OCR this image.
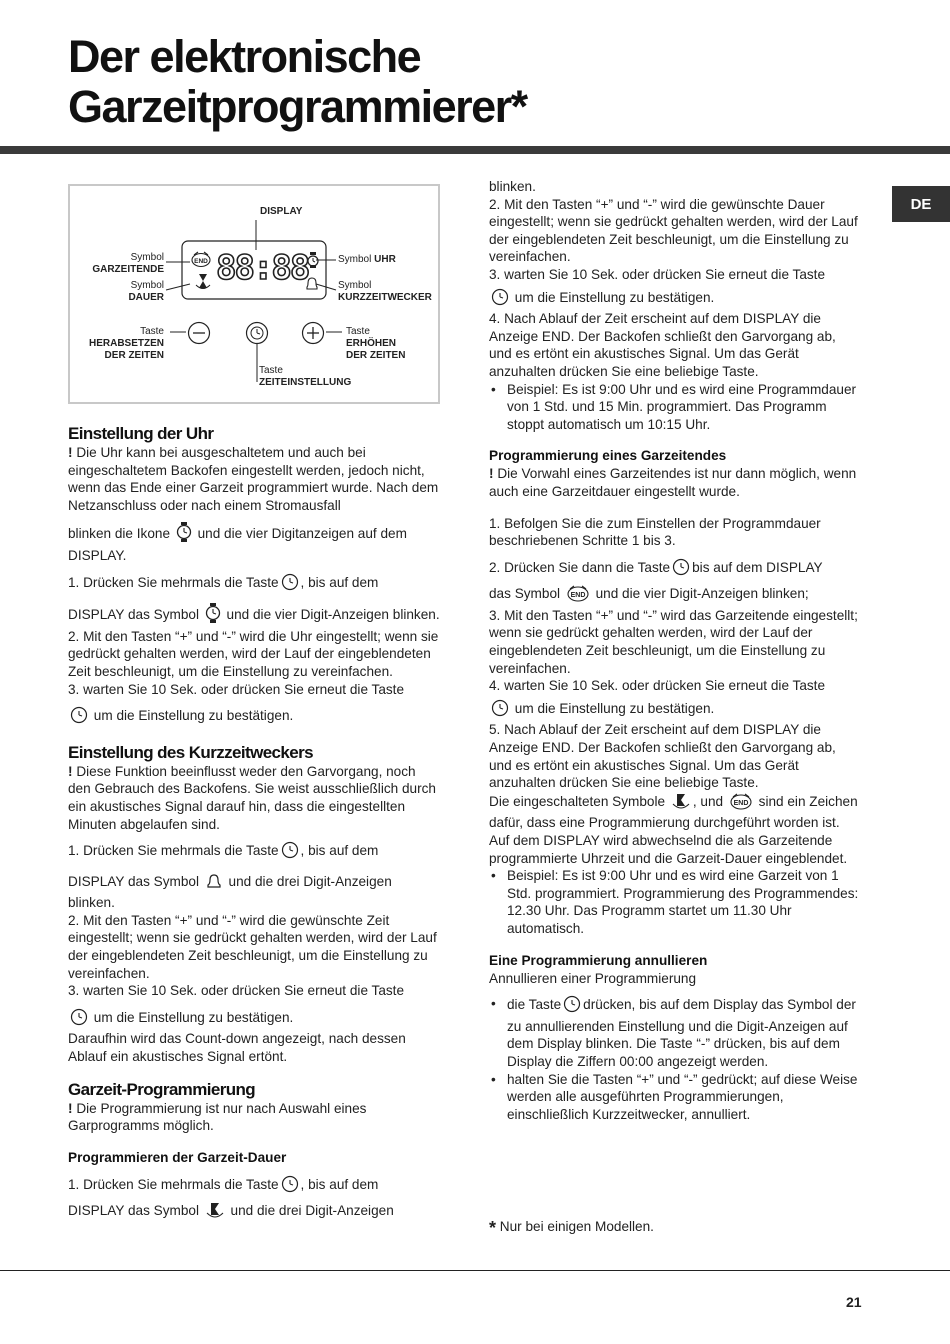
Der elektronische
Garzeitprogrammierer*
DE
DISPLAY
END 88:88
Symbol
GARZEITENDE
Symbol
DAUER
Symbol UHR
Symbol
KURZZEITWECKER
Taste
HERABSETZEN
DER ZEITEN
Taste
ERHÖHEN
DER ZEITEN
Taste
ZEITEINSTELLUNG

Einstellung der Uhr

! Die Uhr kann bei ausgeschaltetem und auch bei eingeschaltetem Backofen eingestellt werden, jedoch nicht, wenn das Ende einer Garzeit programmiert wurde. Nach dem Netzanschluss oder nach einem Stromausfall

blinken die Ikone und die vier Digitanzeigen auf dem DISPLAY.

1. Drücken Sie mehrmals die Taste , bis auf dem

DISPLAY das Symbol und die vier Digit-Anzeigen blinken.

2. Mit den Tasten “+” und “-” wird die Uhr eingestellt; wenn sie gedrückt gehalten werden, wird der Lauf der eingeblendeten Zeit beschleunigt, um die Einstellung zu vereinfachen.

3. warten Sie 10 Sek. oder drücken Sie erneut die Taste

um die Einstellung zu bestätigen.

Einstellung des Kurzzeitweckers

! Diese Funktion beeinflusst weder den Garvorgang, noch den Gebrauch des Backofens. Sie weist ausschließlich durch ein akustisches Signal darauf hin, dass die eingestellten Minuten abgelaufen sind.

1. Drücken Sie mehrmals die Taste , bis auf dem

DISPLAY das Symbol und die drei Digit-Anzeigen blinken.

2. Mit den Tasten “+” und “-” wird die gewünschte Zeit eingestellt; wenn sie gedrückt gehalten werden, wird der Lauf der eingeblendeten Zeit beschleunigt, um die Einstellung zu vereinfachen.

3. warten Sie 10 Sek. oder drücken Sie erneut die Taste

um die Einstellung zu bestätigen.

Daraufhin wird das Count-down angezeigt, nach dessen Ablauf ein akustisches Signal ertönt.

Garzeit-Programmierung

! Die Programmierung ist nur nach Auswahl eines Garprogramms möglich.

Programmieren der Garzeit-Dauer

1. Drücken Sie mehrmals die Taste , bis auf dem

DISPLAY das Symbol und die drei Digit-Anzeigen

blinken.

2. Mit den Tasten “+” und “-” wird die gewünschte Dauer eingestellt; wenn sie gedrückt gehalten werden, wird der Lauf der eingeblendeten Zeit beschleunigt, um die Einstellung zu vereinfachen.

3. warten Sie 10 Sek. oder drücken Sie erneut die Taste

um die Einstellung zu bestätigen.

4. Nach Ablauf der Zeit erscheint auf dem DISPLAY die Anzeige END. Der Backofen schließt den Garvorgang ab, und es ertönt ein akustisches Signal. Um das Gerät anzuhalten drücken Sie eine beliebige Taste.

• Beispiel: Es ist 9:00 Uhr und es wird eine Programmdauer von 1 Std. und 15 Min. programmiert. Das Programm stoppt automatisch um 10:15 Uhr.

Programmierung eines Garzeitendes

! Die Vorwahl eines Garzeitendes ist nur dann möglich, wenn auch eine Garzeitdauer eingestellt wurde.

1. Befolgen Sie die zum Einstellen der Programmdauer beschriebenen Schritte 1 bis 3.

2. Drücken Sie dann die Taste bis auf dem DISPLAY

das Symbol END und die vier Digit-Anzeigen blinken;

3. Mit den Tasten “+” und “-” wird das Garzeitende eingestellt; wenn sie gedrückt gehalten werden, wird der Lauf der eingeblendeten Zeit beschleunigt, um die Einstellung zu vereinfachen.

4. warten Sie 10 Sek. oder drücken Sie erneut die Taste

um die Einstellung zu bestätigen.

5. Nach Ablauf der Zeit erscheint auf dem DISPLAY die Anzeige END. Der Backofen schließt den Garvorgang ab, und es ertönt ein akustisches Signal. Um das Gerät anzuhalten drücken Sie eine beliebige Taste.

Die eingeschalteten Symbole , und END sind ein Zeichen dafür, dass eine Programmierung durchgeführt worden ist. Auf dem DISPLAY wird abwechselnd die als Garzeitende programmierte Uhrzeit und die Garzeit-Dauer eingeblendet.

• Beispiel: Es ist 9:00 Uhr und es wird eine Garzeit von 1 Std. programmiert. Programmierung des Programmendes: 12.30 Uhr. Das Programm startet um 11.30 Uhr automatisch.

Eine Programmierung annullieren

Annullieren einer Programmierung

• die Taste drücken, bis auf dem Display das Symbol der zu annullierenden Einstellung und die Digit-Anzeigen auf dem Display blinken. Die Taste “-” drücken, bis auf dem Display die Ziffern 00:00 angezeigt werden.

• halten Sie die Tasten “+” und “-” gedrückt; auf diese Weise werden alle ausgeführten Programmierungen, einschließlich Kurzzeitwecker, annulliert.

* Nur bei einigen Modellen.
21
